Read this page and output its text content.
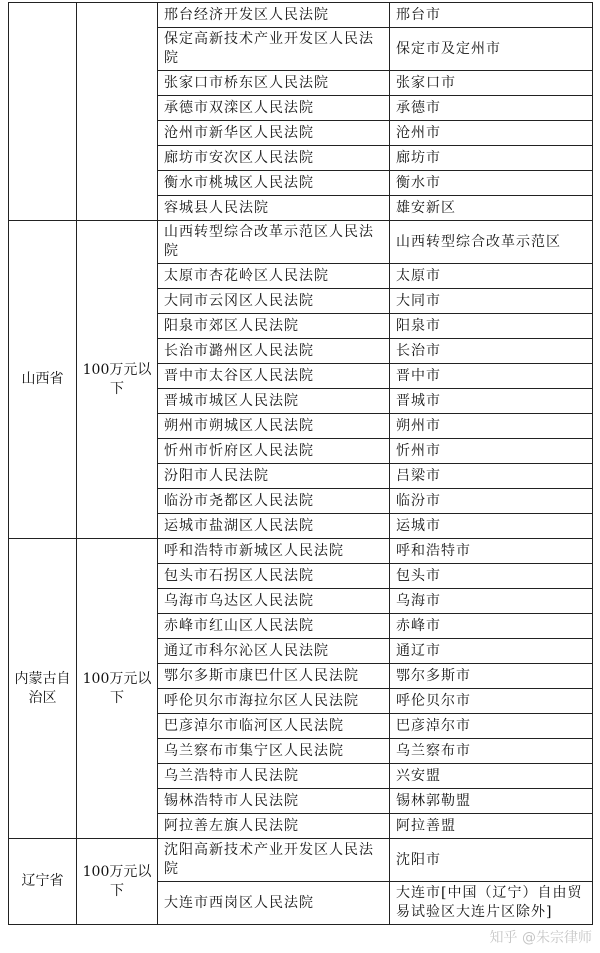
		邢台经济开发区人民法院	邢台市
		保定高新技术产业开发区人民法院	保定市及定州市
		张家口市桥东区人民法院	张家口市
		承德市双滦区人民法院	承德市
		沧州市新华区人民法院	沧州市
		廊坊市安次区人民法院	廊坊市
		衡水市桃城区人民法院	衡水市
		容城县人民法院	雄安新区
山西省	100万元以下	山西转型综合改革示范区人民法院	山西转型综合改革示范区
		太原市杏花岭区人民法院	太原市
		大同市云冈区人民法院	大同市
		阳泉市郊区人民法院	阳泉市
		长治市潞州区人民法院	长治市
		晋中市太谷区人民法院	晋中市
		晋城市城区人民法院	晋城市
		朔州市朔城区人民法院	朔州市
		忻州市忻府区人民法院	忻州市
		汾阳市人民法院	吕梁市
		临汾市尧都区人民法院	临汾市
		运城市盐湖区人民法院	运城市
内蒙古自治区	100万元以下	呼和浩特市新城区人民法院	呼和浩特市
		包头市石拐区人民法院	包头市
		乌海市乌达区人民法院	乌海市
		赤峰市红山区人民法院	赤峰市
		通辽市科尔沁区人民法院	通辽市
		鄂尔多斯市康巴什区人民法院	鄂尔多斯市
		呼伦贝尔市海拉尔区人民法院	呼伦贝尔市
		巴彦淖尔市临河区人民法院	巴彦淖尔市
		乌兰察布市集宁区人民法院	乌兰察布市
		乌兰浩特市人民法院	兴安盟
		锡林浩特市人民法院	锡林郭勒盟
		阿拉善左旗人民法院	阿拉善盟
辽宁省	100万元以下	沈阳高新技术产业开发区人民法院	沈阳市
		大连市西岗区人民法院	大连市[中国（辽宁）自由贸易试验区大连片区除外]
知乎 @朱宗律师
